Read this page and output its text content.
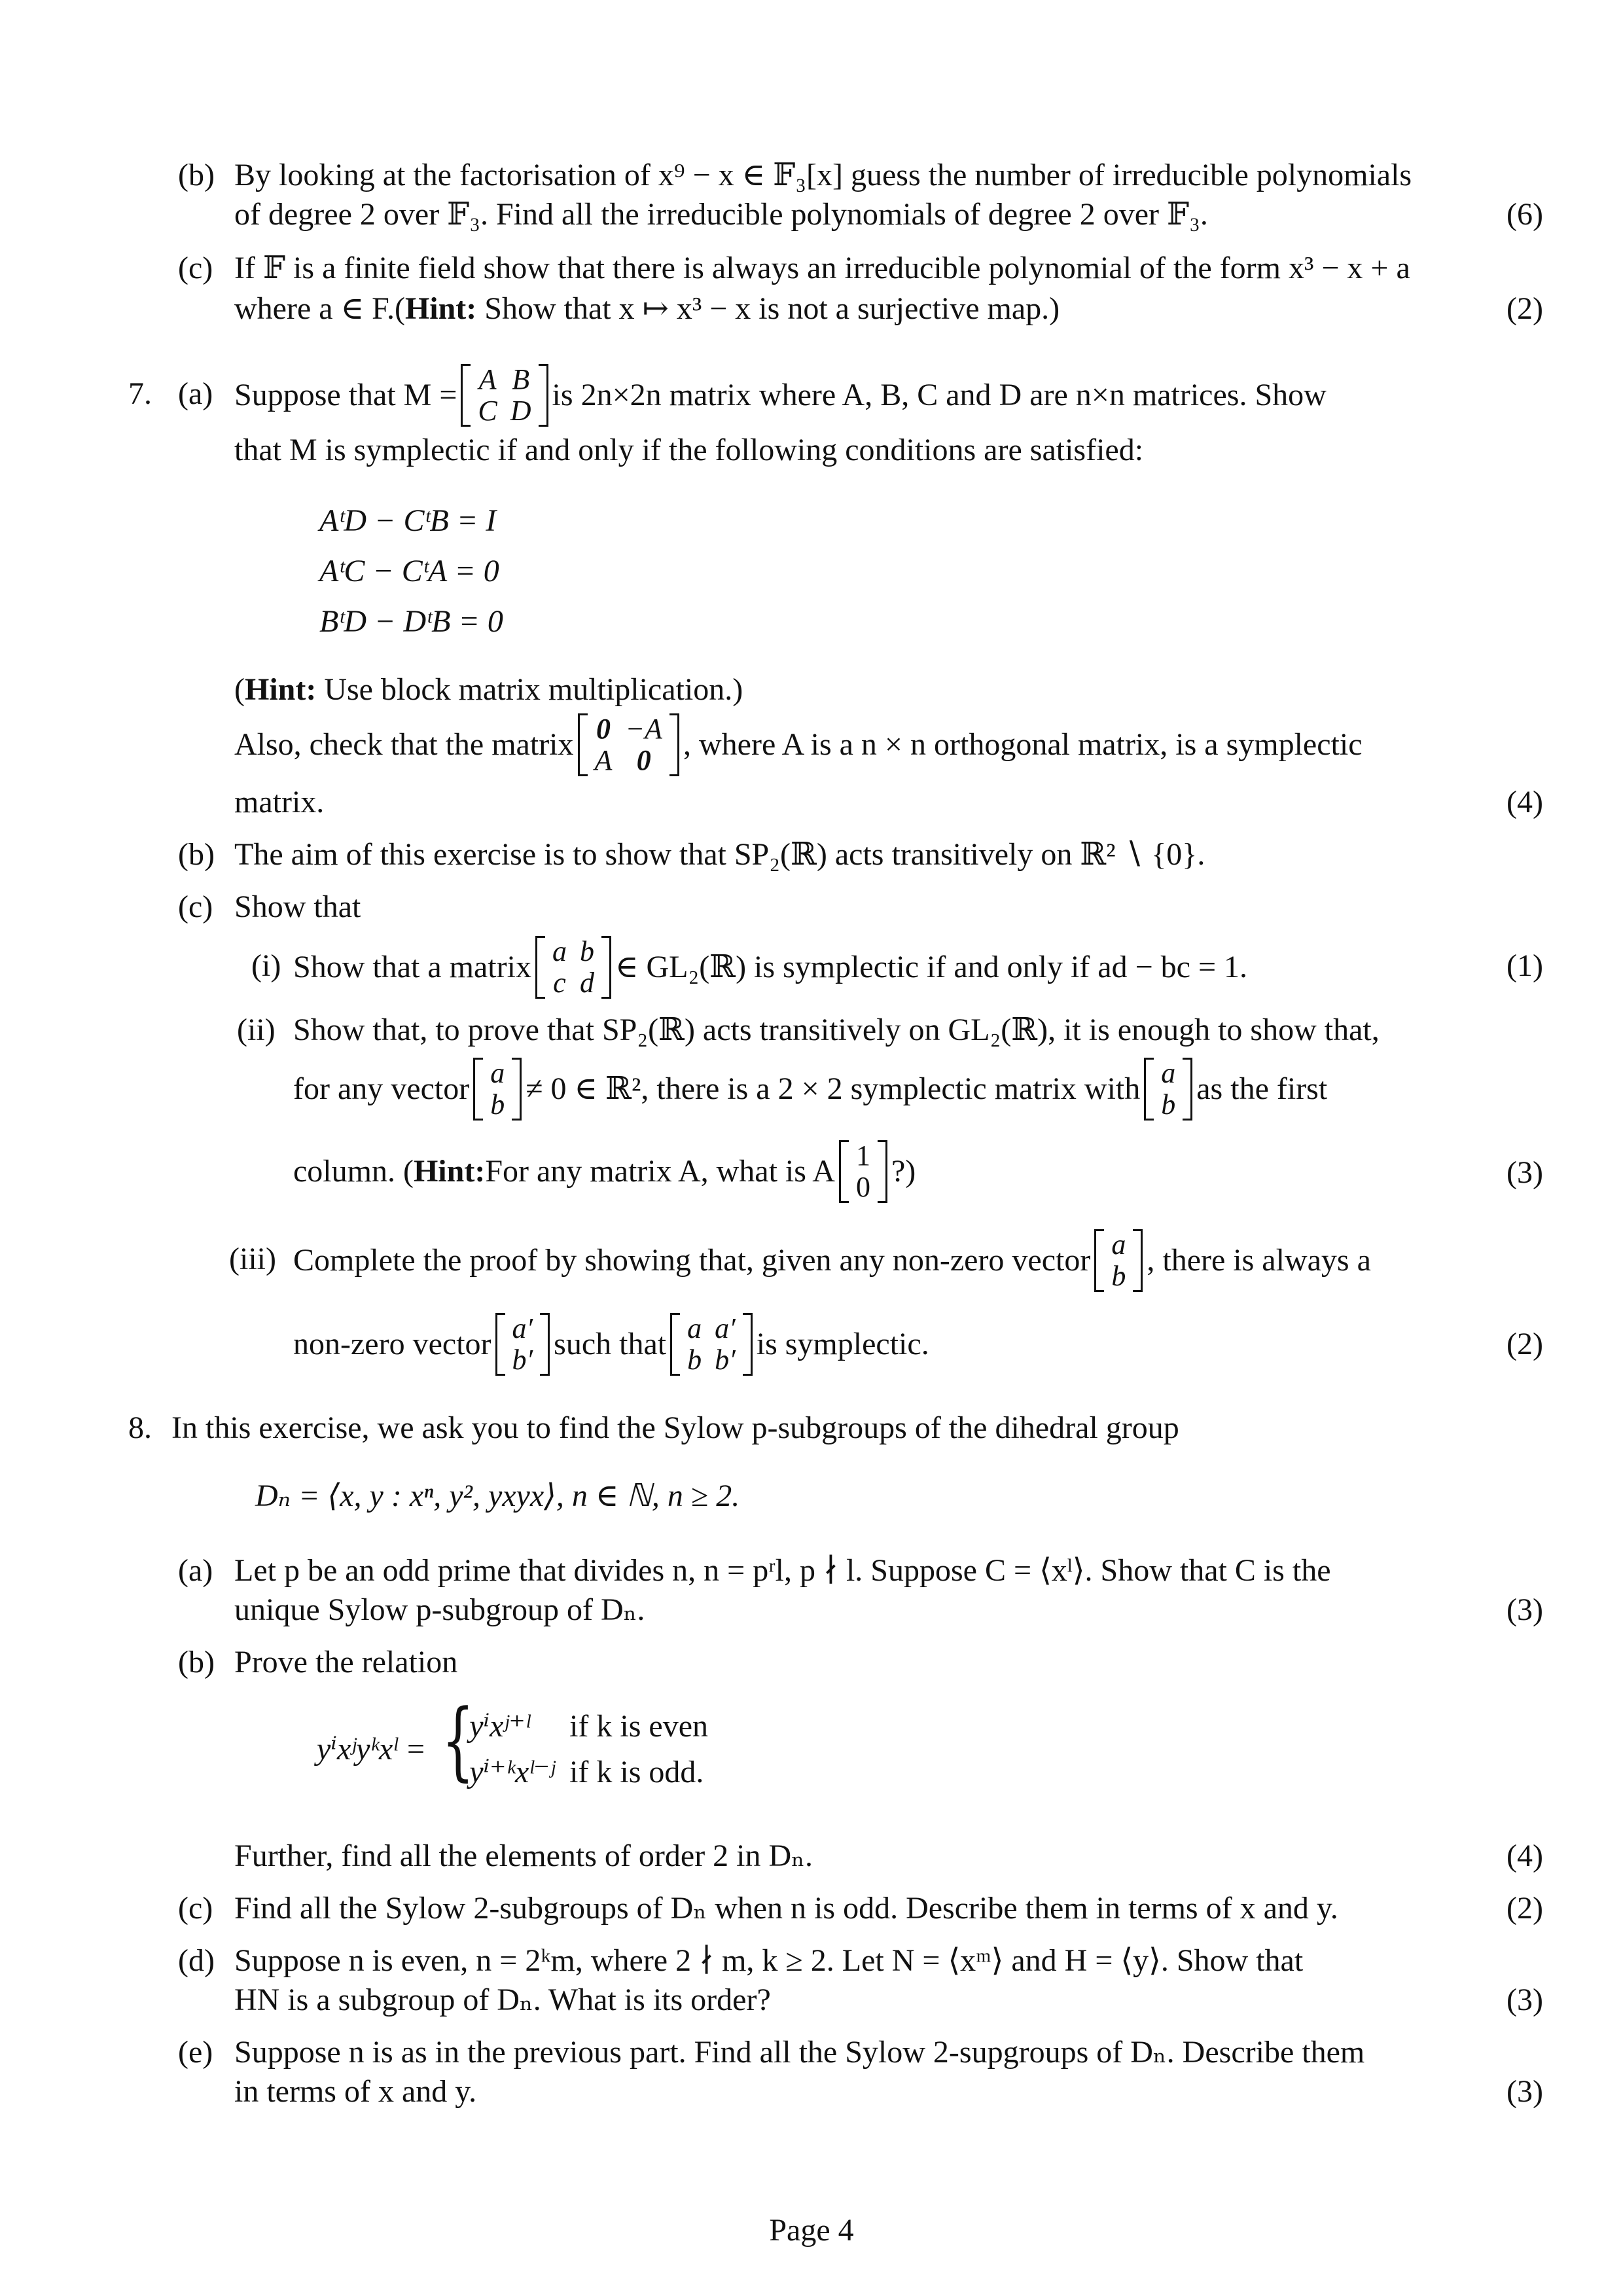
(b) By looking at the factorisation of x⁹ − x ∈ 𝔽₃[x] guess the number of irreducible polynomials
of degree 2 over 𝔽₃. Find all the irreducible polynomials of degree 2 over 𝔽₃.	(6)
(c) If 𝔽 is a finite field show that there is always an irreducible polynomial of the form x³ − x + a
where a ∈ F.(Hint: Show that x ↦ x³ − x is not a surjective map.)	(2)
7. (a) Suppose that M = A	B
C	D is 2n×2n matrix where A, B, C and D are n×n matrices. Show
that M is symplectic if and only if the following conditions are satisfied:
AᵗD − CᵗB = I
AᵗC − CᵗA = 0
BᵗD − DᵗB = 0
(Hint: Use block matrix multiplication.)
Also, check that the matrix 0	−A
A	0 , where A is a n × n orthogonal matrix, is a symplectic
matrix.	(4)
(b) The aim of this exercise is to show that SP₂(ℝ) acts transitively on ℝ² ∖ {0}.
(c) Show that
(i) Show that a matrix a	b
c	d ∈ GL₂(ℝ) is symplectic if and only if ad − bc = 1.	(1)
(ii) Show that, to prove that SP₂(ℝ) acts transitively on GL₂(ℝ), it is enough to show that,
for any vector a
b ≠ 0 ∈ ℝ², there is a 2 × 2 symplectic matrix with a
b as the first
column. ( Hint: For any matrix A, what is A 1
0 ?)	(3)
(iii) Complete the proof by showing that, given any non-zero vector a
b , there is always a
non-zero vector a′
b′ such that a	a′
b	b′ is symplectic.	(2)
8. In this exercise, we ask you to find the Sylow p-subgroups of the dihedral group
Dₙ = ⟨x, y : xⁿ, y², yxyx⟩, n ∈ ℕ, n ≥ 2.
(a) Let p be an odd prime that divides n, n = pʳl, p ∤ l. Suppose C = ⟨xˡ⟩. Show that C is the
unique Sylow p-subgroup of Dₙ.	(3)
(b) Prove the relation
yⁱxʲyᵏxˡ = {
yⁱxʲ⁺ˡ	if k is even
yⁱ⁺ᵏxˡ⁻ʲ	if k is odd.
Further, find all the elements of order 2 in Dₙ.	(4)
(c) Find all the Sylow 2-subgroups of Dₙ when n is odd. Describe them in terms of x and y.	(2)
(d) Suppose n is even, n = 2ᵏm, where 2 ∤ m, k ≥ 2. Let N = ⟨xᵐ⟩ and H = ⟨y⟩. Show that
HN is a subgroup of Dₙ. What is its order?	(3)
(e) Suppose n is as in the previous part. Find all the Sylow 2-supgroups of Dₙ. Describe them
in terms of x and y.	(3)
Page 4
